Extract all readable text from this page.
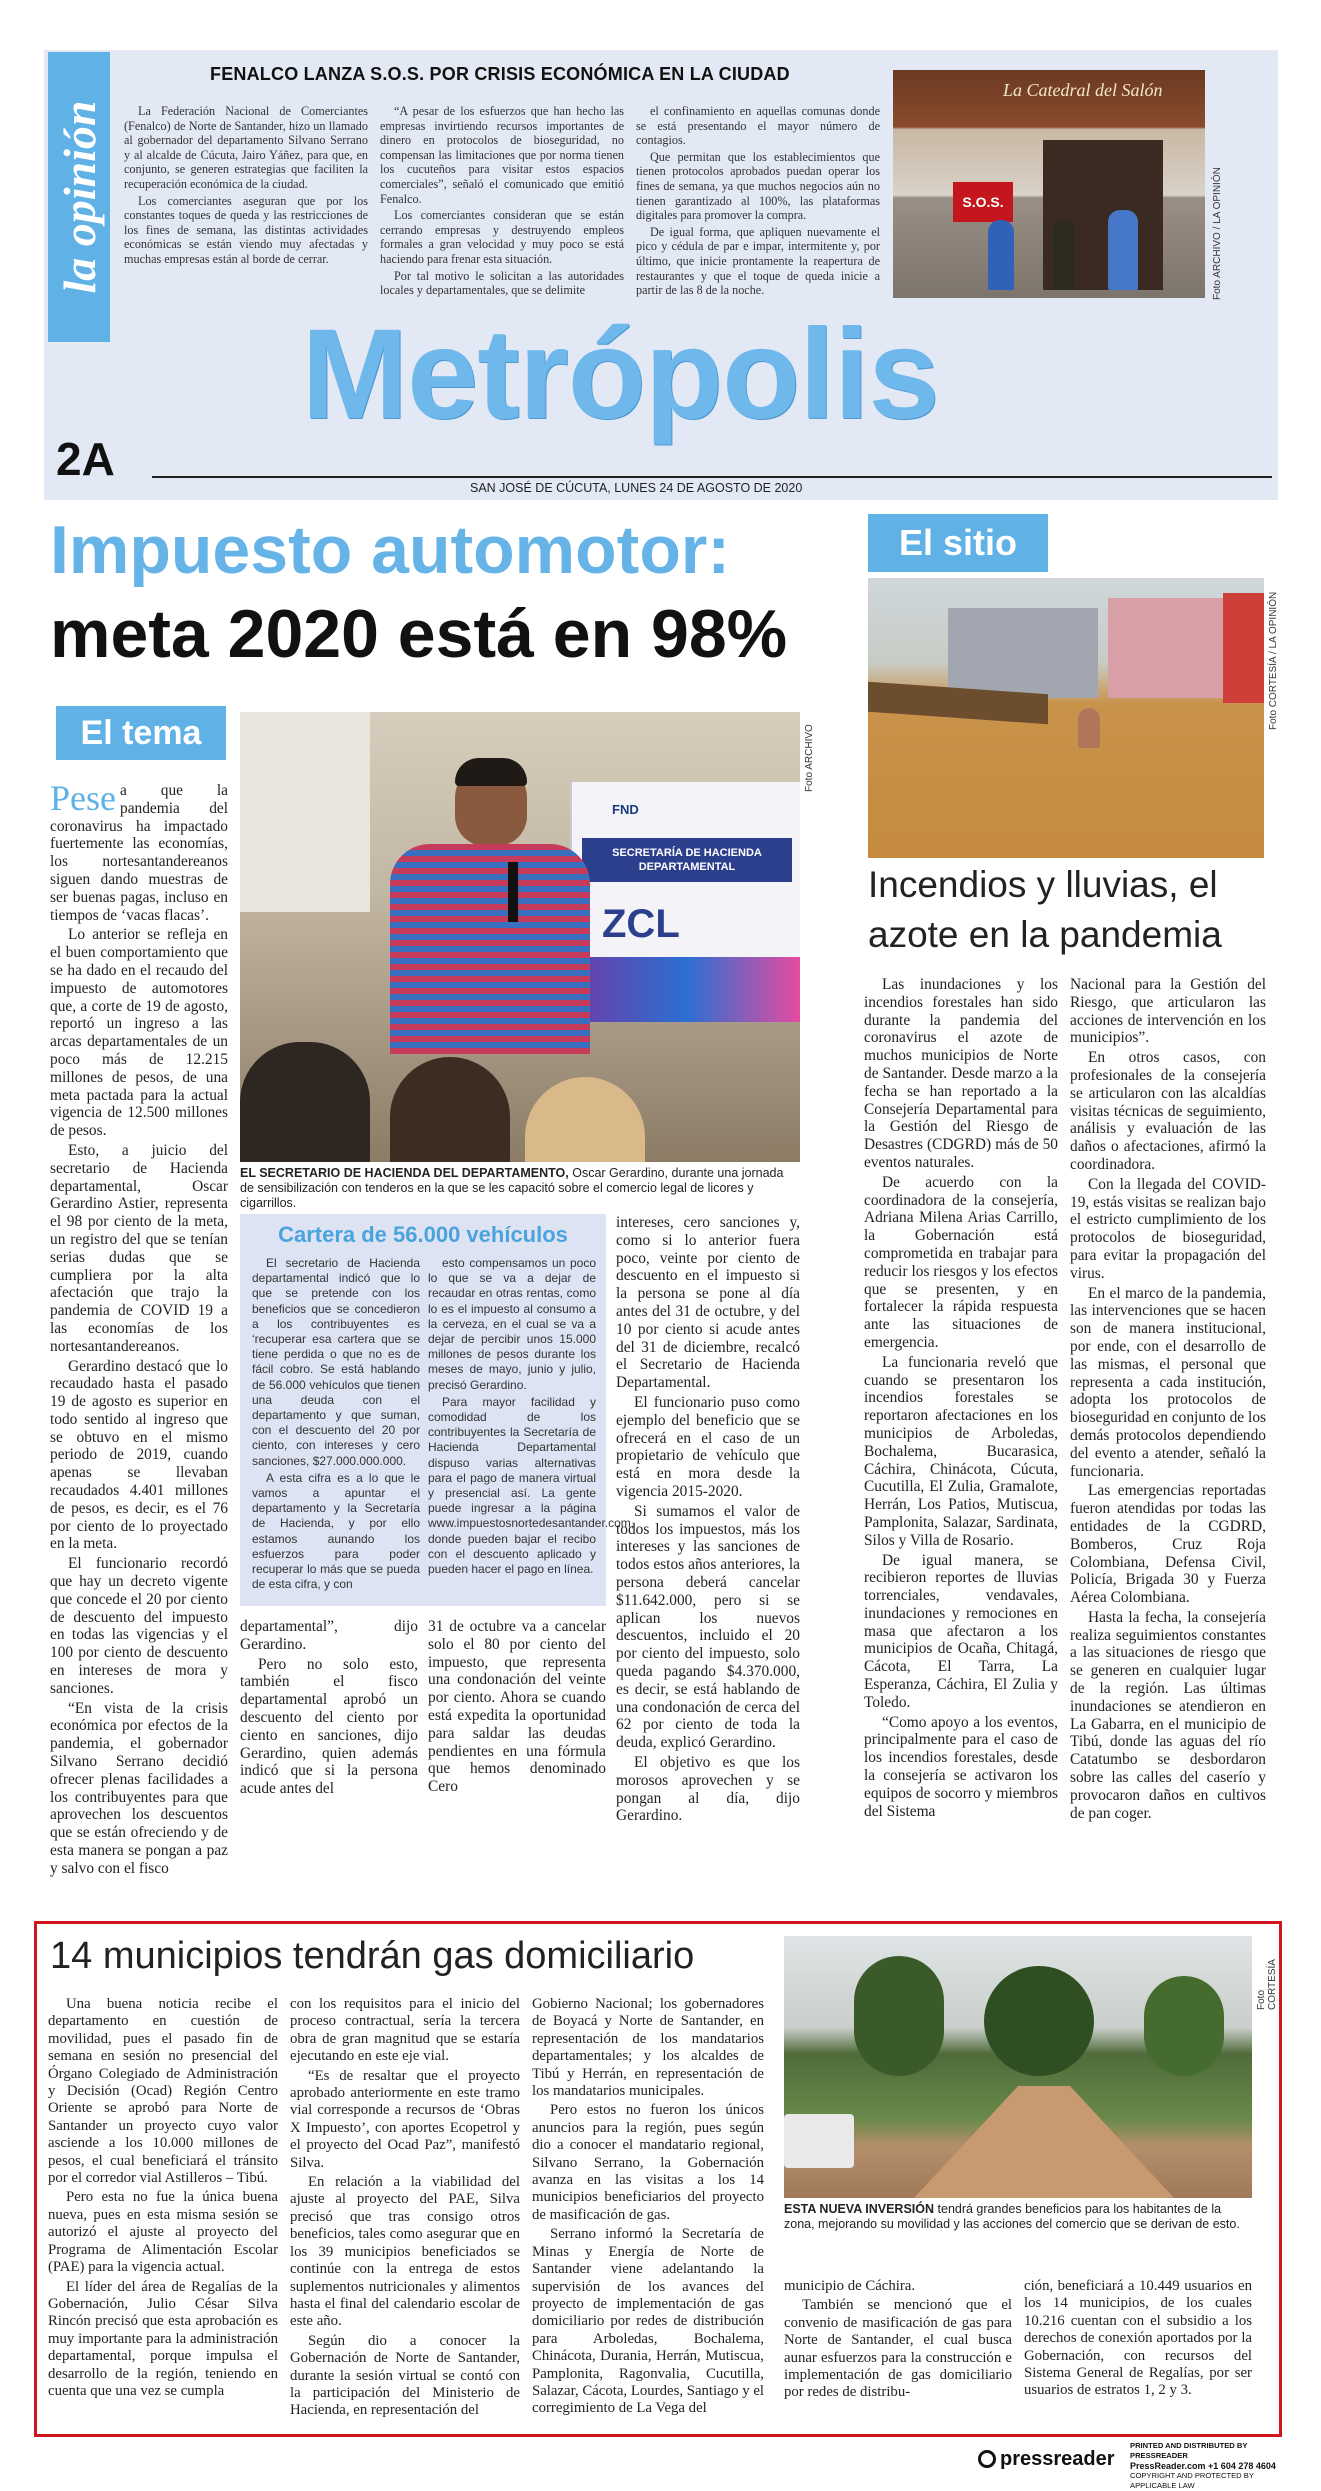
la opinión
FENALCO LANZA S.O.S. POR CRISIS ECONÓMICA EN LA CIUDAD

La Federación Nacional de Comerciantes (Fenalco) de Norte de Santander, hizo un llamado al gobernador del departamento Silvano Serrano y al alcalde de Cúcuta, Jairo Yáñez, para que, en conjunto, se generen estrategias que faciliten la recuperación económica de la ciudad.

Los comerciantes aseguran que por los constantes toques de queda y las restricciones de los fines de semana, las distintas actividades económicas se están viendo muy afectadas y muchas empresas están al borde de cerrar.

“A pesar de los esfuerzos que han hecho las empresas invirtiendo recursos importantes de dinero en protocolos de bioseguridad, no compensan las limitaciones que por norma tienen los cucuteños para visitar estos espacios comerciales”, señaló el comunicado que emitió Fenalco.

Los comerciantes consideran que se están cerrando empresas y destruyendo empleos formales a gran velocidad y muy poco se está haciendo para frenar esta situación.

Por tal motivo le solicitan a las autoridades locales y departamentales, que se delimite

el confinamiento en aquellas comunas donde se está presentando el mayor número de contagios.

Que permitan que los establecimientos que tienen protocolos aprobados puedan operar los fines de semana, ya que muchos negocios aún no tienen garantizado al 100%, las plataformas digitales para promover la compra.

De igual forma, que apliquen nuevamente el pico y cédula de par e impar, intermitente y, por último, que inicie prontamente la reapertura de restaurantes y que el toque de queda inicie a partir de las 8 de la noche.

La Catedral del Salón
S.O.S.	Foto ARCHIVO / LA OPINIÓN
Metrópolis
2A
SAN JOSÉ DE CÚCUTA, LUNES 24 DE AGOSTO DE 2020
Impuesto automotor:
meta 2020 está en 98%
El tema
FND
SECRETARÍA DE HACIENDA DEPARTAMENTAL
ZCL
Foto ARCHIVO
EL SECRETARIO DE HACIENDA DEL DEPARTAMENTO, Oscar Gerardino, durante una jornada de sensibilización con tenderos en la que se les capacitó sobre el comercio legal de licores y cigarrillos.

Pese a que la pandemia del coronavirus ha impactado fuertemente las economías, los nortesantandereanos siguen dando muestras de ser buenas pagas, incluso en tiempos de ‘vacas flacas’.

Lo anterior se refleja en el buen comportamiento que se ha dado en el recaudo del impuesto de automotores que, a corte de 19 de agosto, reportó un ingreso a las arcas departamentales de un poco más de 12.215 millones de pesos, de una meta pactada para la actual vigencia de 12.500 millones de pesos.

Esto, a juicio del secretario de Hacienda departamental, Oscar Gerardino Astier, representa el 98 por ciento de la meta, un registro del que se tenían serias dudas que se cumpliera por la alta afectación que trajo la pandemia de COVID 19 a las economías de los nortesantandereanos.

Gerardino destacó que lo recaudado hasta el pasado 19 de agosto es superior en todo sentido al ingreso que se obtuvo en el mismo periodo de 2019, cuando apenas se llevaban recaudados 4.401 millones de pesos, es decir, es el 76 por ciento de lo proyectado en la meta.

El funcionario recordó que hay un decreto vigente que concede el 20 por ciento de descuento del impuesto en todas las vigencias y el 100 por ciento de descuento en intereses de mora y sanciones.

“En vista de la crisis económica por efectos de la pandemia, el gobernador Silvano Serrano decidió ofrecer plenas facilidades a los contribuyentes para que aprovechen los descuentos que se están ofreciendo y de esta manera se pongan a paz y salvo con el fisco

Cartera de 56.000 vehículos

El secretario de Hacienda departamental indicó que lo que se pretende con los beneficios que se concedieron a los contribuyentes es ‘recuperar esa cartera que se tiene perdida o que no es de fácil cobro. Se está hablando de 56.000 vehículos que tienen una deuda con el departamento y que suman, con el descuento del 20 por ciento, con intereses y cero sanciones, $27.000.000.000.

A esta cifra es a lo que le vamos a apuntar el departamento y la Secretaría de Hacienda, y por ello estamos aunando los esfuerzos para poder recuperar lo más que se pueda de esta cifra, y con

esto compensamos un poco lo que se va a dejar de recaudar en otras rentas, como lo es el impuesto al consumo a la cerveza, en el cual se va a dejar de percibir unos 15.000 millones de pesos durante los meses de mayo, junio y julio, precisó Gerardino.

Para mayor facilidad y comodidad de los contribuyentes la Secretaría de Hacienda Departamental dispuso varias alternativas para el pago de manera virtual y presencial así. La gente puede ingresar a la página www.impuestosnortedesantander.com, donde pueden bajar el recibo con el descuento aplicado y pueden hacer el pago en línea.

departamental”, dijo Gerardino.

Pero no solo esto, también el fisco departamental aprobó un descuento del ciento por ciento en sanciones, dijo Gerardino, quien además indicó que si la persona acude antes del

31 de octubre va a cancelar solo el 80 por ciento del impuesto, que representa una condonación del veinte por ciento. Ahora se cuando está expedita la oportunidad para saldar las deudas pendientes en una fórmula que hemos denominado Cero

intereses, cero sanciones y, como si lo anterior fuera poco, veinte por ciento de descuento en el impuesto si la persona se pone al día antes del 31 de octubre, y del 10 por ciento si acude antes del 31 de diciembre, recalcó el Secretario de Hacienda Departamental.

El funcionario puso como ejemplo del beneficio que se ofrecerá en el caso de un propietario de vehículo que está en mora desde la vigencia 2015-2020.

Si sumamos el valor de todos los impuestos, más los intereses y las sanciones de todos estos años anteriores, la persona deberá cancelar $11.642.000, pero si se aplican los nuevos descuentos, incluido el 20 por ciento del impuesto, solo queda pagando $4.370.000, es decir, se está hablando de una condonación de cerca del 62 por ciento de toda la deuda, explicó Gerardino.

El objetivo es que los morosos aprovechen y se pongan al día, dijo Gerardino.

El sitio
Foto CORTESÍA / LA OPINIÓN
Incendios y lluvias, el azote en la pandemia

Las inundaciones y los incendios forestales han sido durante la pandemia del coronavirus el azote de muchos municipios de Norte de Santander. Desde marzo a la fecha se han reportado a la Consejería Departamental para la Gestión del Riesgo de Desastres (CDGRD) más de 50 eventos naturales.

De acuerdo con la coordinadora de la consejería, Adriana Milena Arias Carrillo, la Gobernación está comprometida en trabajar para reducir los riesgos y los efectos que se presenten, y en fortalecer la rápida respuesta ante las situaciones de emergencia.

La funcionaria reveló que cuando se presentaron los incendios forestales se reportaron afectaciones en los municipios de Arboledas, Bochalema, Bucarasica, Cáchira, Chinácota, Cúcuta, Cucutilla, El Zulia, Gramalote, Herrán, Los Patios, Mutiscua, Pamplonita, Salazar, Sardinata, Silos y Villa de Rosario.

De igual manera, se recibieron reportes de lluvias torrenciales, vendavales, inundaciones y remociones en masa que afectaron a los municipios de Ocaña, Chitagá, Cácota, El Tarra, La Esperanza, Cáchira, El Zulia y Toledo.

“Como apoyo a los eventos, principalmente para el caso de los incendios forestales, desde la consejería se activaron los equipos de socorro y miembros del Sistema

Nacional para la Gestión del Riesgo, que articularon las acciones de intervención en los municipios”.

En otros casos, con profesionales de la consejería se articularon con las alcaldías visitas técnicas de seguimiento, análisis y evaluación de las daños o afectaciones, afirmó la coordinadora.

Con la llegada del COVID-19, estás visitas se realizan bajo el estricto cumplimiento de los protocolos de bioseguridad, para evitar la propagación del virus.

En el marco de la pandemia, las intervenciones que se hacen son de manera institucional, por ende, con el desarrollo de las mismas, el personal que representa a cada institución, adopta los protocolos de bioseguridad en conjunto de los demás protocolos dependiendo del evento a atender, señaló la funcionaria.

Las emergencias reportadas fueron atendidas por todas las entidades de la CGDRD, Bomberos, Cruz Roja Colombiana, Defensa Civil, Policía, Brigada 30 y Fuerza Aérea Colombiana.

Hasta la fecha, la consejería realiza seguimientos constantes a las situaciones de riesgo que se generen en cualquier lugar de la región. Las últimas inundaciones se atendieron en La Gabarra, en el municipio de Tibú, donde las aguas del río Catatumbo se desbordaron sobre las calles del caserío y provocaron daños en cultivos de pan coger.

14 municipios tendrán gas domiciliario

Una buena noticia recibe el departamento en cuestión de movilidad, pues el pasado fin de semana en sesión no presencial del Órgano Colegiado de Administración y Decisión (Ocad) Región Centro Oriente se aprobó para Norte de Santander un proyecto cuyo valor asciende a los 10.000 millones de pesos, el cual beneficiará el tránsito por el corredor vial Astilleros – Tibú.

Pero esta no fue la única buena nueva, pues en esta misma sesión se autorizó el ajuste al proyecto del Programa de Alimentación Escolar (PAE) para la vigencia actual.

El líder del área de Regalías de la Gobernación, Julio César Silva Rincón precisó que esta aprobación es muy importante para la administración departamental, porque impulsa el desarrollo de la región, teniendo en cuenta que una vez se cumpla

con los requisitos para el inicio del proceso contractual, sería la tercera obra de gran magnitud que se estaría ejecutando en este eje vial.

“Es de resaltar que el proyecto aprobado anteriormente en este tramo vial corresponde a recursos de ‘Obras X Impuesto’, con aportes Ecopetrol y el proyecto del Ocad Paz”, manifestó Silva.

En relación a la viabilidad del ajuste al proyecto del PAE, Silva precisó que tras consigo otros beneficios, tales como asegurar que en los 39 municipios beneficiados se continúe con la entrega de estos suplementos nutricionales y alimentos hasta el final del calendario escolar de este año.

Según dio a conocer la Gobernación de Norte de Santander, durante la sesión virtual se contó con la participación del Ministerio de Hacienda, en representación del

Gobierno Nacional; los gobernadores de Boyacá y Norte de Santander, en representación de los mandatarios departamentales; y los alcaldes de Tibú y Herrán, en representación de los mandatarios municipales.

Pero estos no fueron los únicos anuncios para la región, pues según dio a conocer el mandatario regional, Silvano Serrano, la Gobernación avanza en las visitas a los 14 municipios beneficiarios del proyecto de masificación de gas.

Serrano informó la Secretaría de Minas y Energía de Norte de Santander viene adelantando la supervisión de los avances del proyecto de implementación de gas domiciliario por redes de distribución para Arboledas, Bochalema, Chinácota, Durania, Herrán, Mutiscua, Pamplonita, Ragonvalia, Cucutilla, Salazar, Cácota, Lourdes, Santiago y el corregimiento de La Vega del

Foto CORTESÍA
ESTA NUEVA INVERSIÓN tendrá grandes beneficios para los habitantes de la zona, mejorando su movilidad y las acciones del comercio que se derivan de esto.

municipio de Cáchira.

También se mencionó que el convenio de masificación de gas para Norte de Santander, el cual busca aunar esfuerzos para la construcción e implementación de gas domiciliario por redes de distribu-

ción, beneficiará a 10.449 usuarios en los 14 municipios, de los cuales 10.216 cuentan con el subsidio a los derechos de conexión aportados por la Gobernación, con recursos del Sistema General de Regalías, por ser usuarios de estratos 1, 2 y 3.

pressreader
PRINTED AND DISTRIBUTED BY PRESSREADER
PressReader.com +1 604 278 4604
COPYRIGHT AND PROTECTED BY APPLICABLE LAW
